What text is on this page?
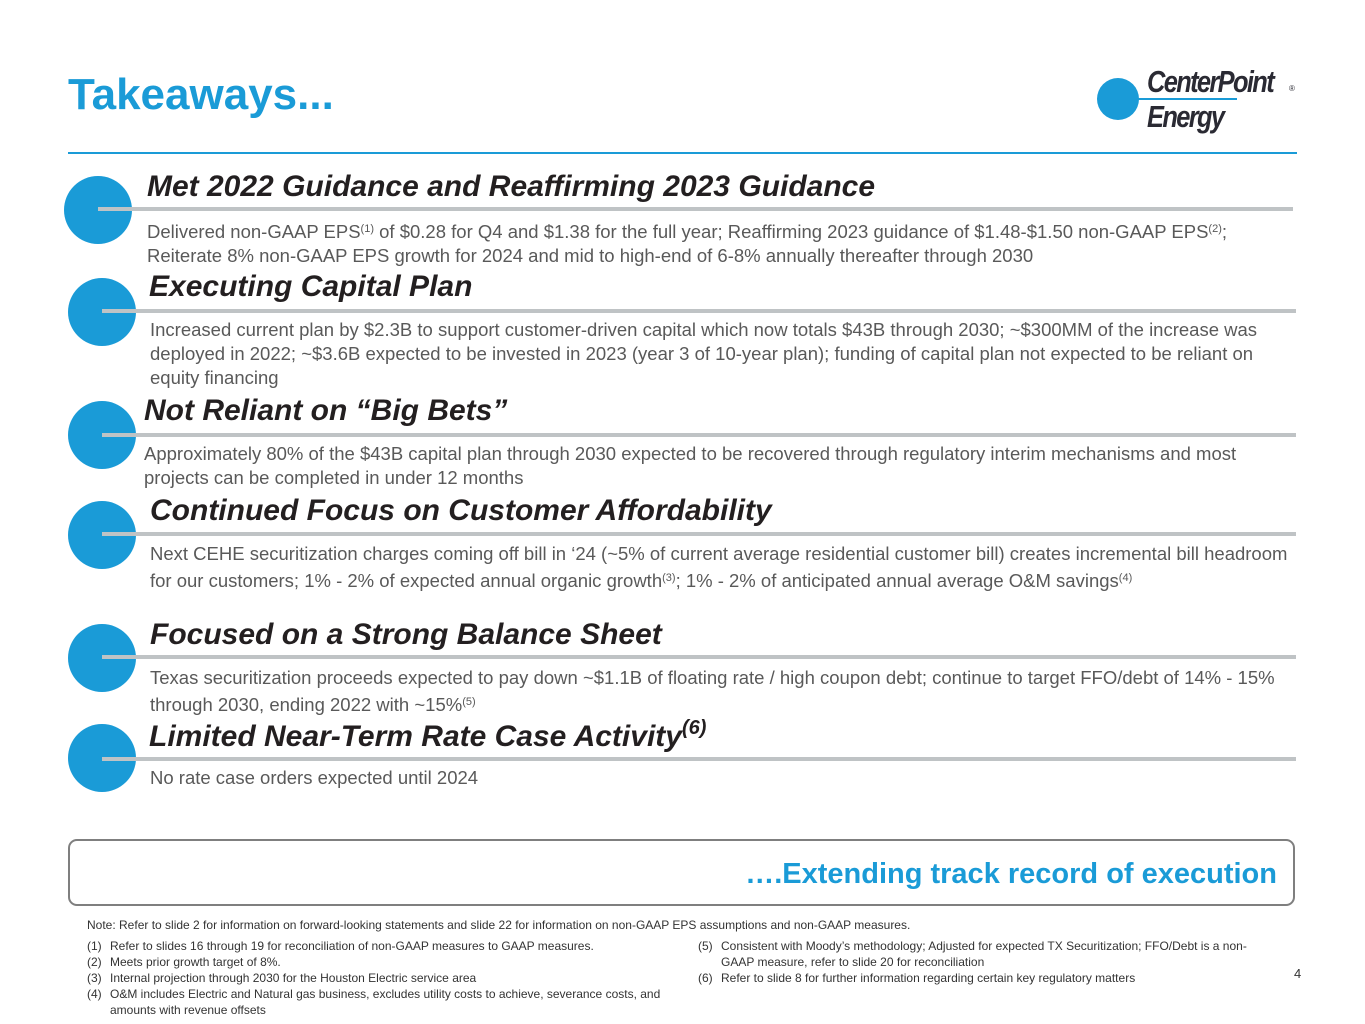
Takeaways...	CenterPoint
Energy
®
Met 2022 Guidance and Reaffirming 2023 Guidance
Delivered non-GAAP EPS$^{(1)}$ of $0.28 for Q4 and $1.38 for the full year; Reaffirming 2023 guidance of $1.48-$1.50 non-GAAP EPS$^{(2)}$; Reiterate 8% non-GAAP EPS growth for 2024 and mid to high-end of 6-8% annually thereafter through 2030
Executing Capital Plan
Increased current plan by $2.3B to support customer-driven capital which now totals $43B through 2030; ~$300MM of the increase was deployed in 2022; ~$3.6B expected to be invested in 2023 (year 3 of 10-year plan); funding of capital plan not expected to be reliant on equity financing
Not Reliant on “Big Bets”
Approximately 80% of the $43B capital plan through 2030 expected to be recovered through regulatory interim mechanisms and most projects can be completed in under 12 months
Continued Focus on Customer Affordability
Next CEHE securitization charges coming off bill in ‘24 (~5% of current average residential customer bill) creates incremental bill headroom for our customers; 1% - 2% of expected annual organic growth$^{(3)}$; 1% - 2% of anticipated annual average O&M savings$^{(4)}$
Focused on a Strong Balance Sheet
Texas securitization proceeds expected to pay down ~$1.1B of floating rate / high coupon debt; continue to target FFO/debt of 14% - 15% through 2030, ending 2022 with ~15%$^{(5)}$
Limited Near-Term Rate Case Activity$^{(6)}$
No rate case orders expected until 2024
….Extending track record of execution
Note: Refer to slide 2 for information on forward-looking statements and slide 22 for information on non-GAAP EPS assumptions and non-GAAP measures.
(1) Refer to slides 16 through 19 for reconciliation of non-GAAP measures to GAAP measures.
(2) Meets prior growth target of 8%.
(3) Internal projection through 2030 for the Houston Electric service area
(4) O&M includes Electric and Natural gas business, excludes utility costs to achieve, severance costs, and amounts with revenue offsets
(5) Consistent with Moody’s methodology; Adjusted for expected TX Securitization; FFO/Debt is a non-GAAP measure, refer to slide 20 for reconciliation
(6) Refer to slide 8 for further information regarding certain key regulatory matters	4
